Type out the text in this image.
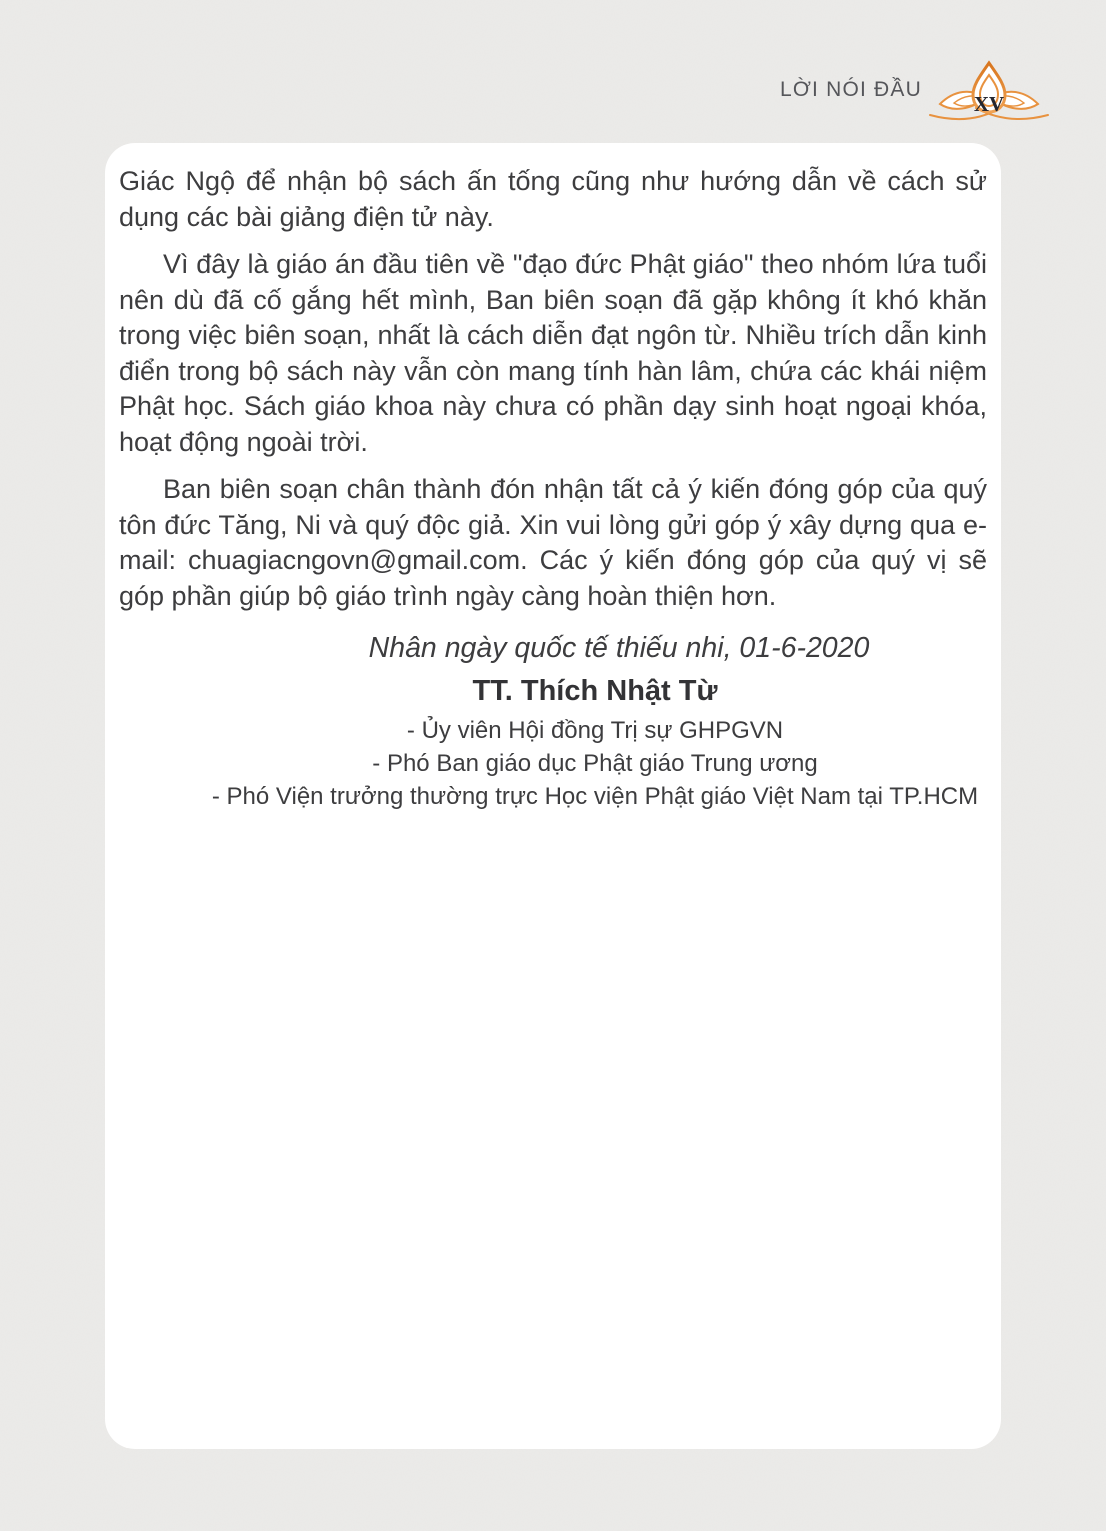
LỜI NÓI ĐẦU
XV

Giác Ngộ để nhận bộ sách ấn tống cũng như hướng dẫn về cách sử dụng các bài giảng điện tử này.

Vì đây là giáo án đầu tiên về "đạo đức Phật giáo" theo nhóm lứa tuổi nên dù đã cố gắng hết mình, Ban biên soạn đã gặp không ít khó khăn trong việc biên soạn, nhất là cách diễn đạt ngôn từ. Nhiều trích dẫn kinh điển trong bộ sách này vẫn còn mang tính hàn lâm, chứa các khái niệm Phật học. Sách giáo khoa này chưa có phần dạy sinh hoạt ngoại khóa, hoạt động ngoài trời.

Ban biên soạn chân thành đón nhận tất cả ý kiến đóng góp của quý tôn đức Tăng, Ni và quý độc giả. Xin vui lòng gửi góp ý xây dựng qua e-mail: chuagiacngovn@gmail.com. Các ý kiến đóng góp của quý vị sẽ góp phần giúp bộ giáo trình ngày càng hoàn thiện hơn.

Nhân ngày quốc tế thiếu nhi, 01-6-2020
TT. Thích Nhật Từ
- Ủy viên Hội đồng Trị sự GHPGVN
- Phó Ban giáo dục Phật giáo Trung ương
- Phó Viện trưởng thường trực Học viện Phật giáo Việt Nam tại TP.HCM
